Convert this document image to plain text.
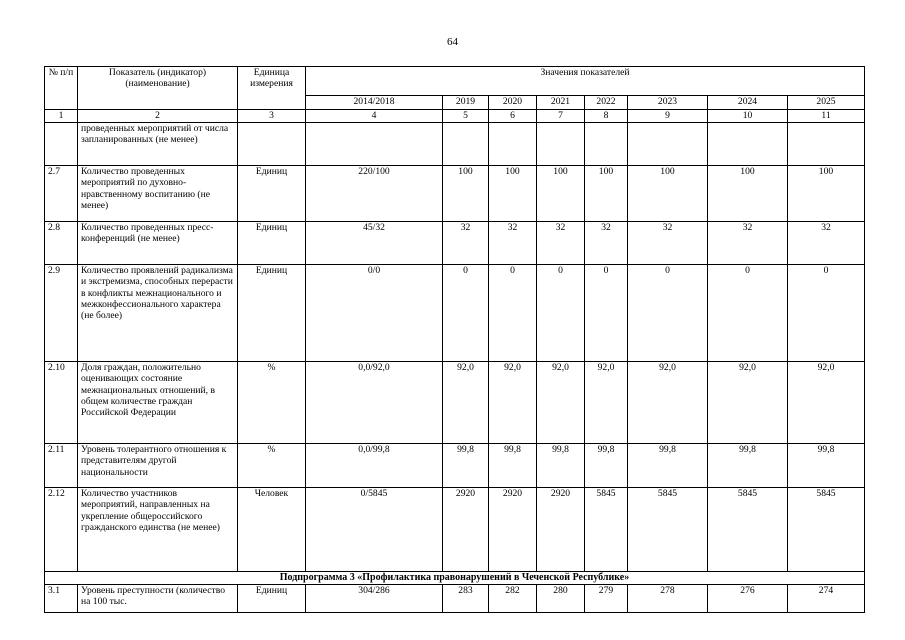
64
№ п/п	Показатель (индикатор) (наименование)	Единица измерения	Значения показателей							
			2014/2018	2019	2020	2021	2022	2023	2024	2025
1	2	3	4	5	6	7	8	9	10	11
	проведенных мероприятий от числа запланированных (не менее)									
2.7	Количество проведенных мероприятий по духовно-нравственному воспитанию (не менее)	Единиц	220/100	100	100	100	100	100	100	100
2.8	Количество проведенных пресс-конференций (не менее)	Единиц	45/32	32	32	32	32	32	32	32
2.9	Количество проявлений радикализма и экстремизма, способных перерасти в конфликты межнационального и межконфессионального характера (не более)	Единиц	0/0	0	0	0	0	0	0	0
2.10	Доля граждан, положительно оценивающих состояние межнациональных отношений, в общем количестве граждан Российской Федерации	%	0,0/92,0	92,0	92,0	92,0	92,0	92,0	92,0	92,0
2.11	Уровень толерантного отношения к представителям другой национальности	%	0,0/99,8	99,8	99,8	99,8	99,8	99,8	99,8	99,8
2.12	Количество участников мероприятий, направленных на укрепление общероссийского гражданского единства (не менее)	Человек	0/5845	2920	2920	2920	5845	5845	5845	5845
Подпрограмма 3 «Профилактика правонарушений в Чеченской Республике»										
3.1	Уровень преступности (количество на 100 тыс.	Единиц	304/286	283	282	280	279	278	276	274
